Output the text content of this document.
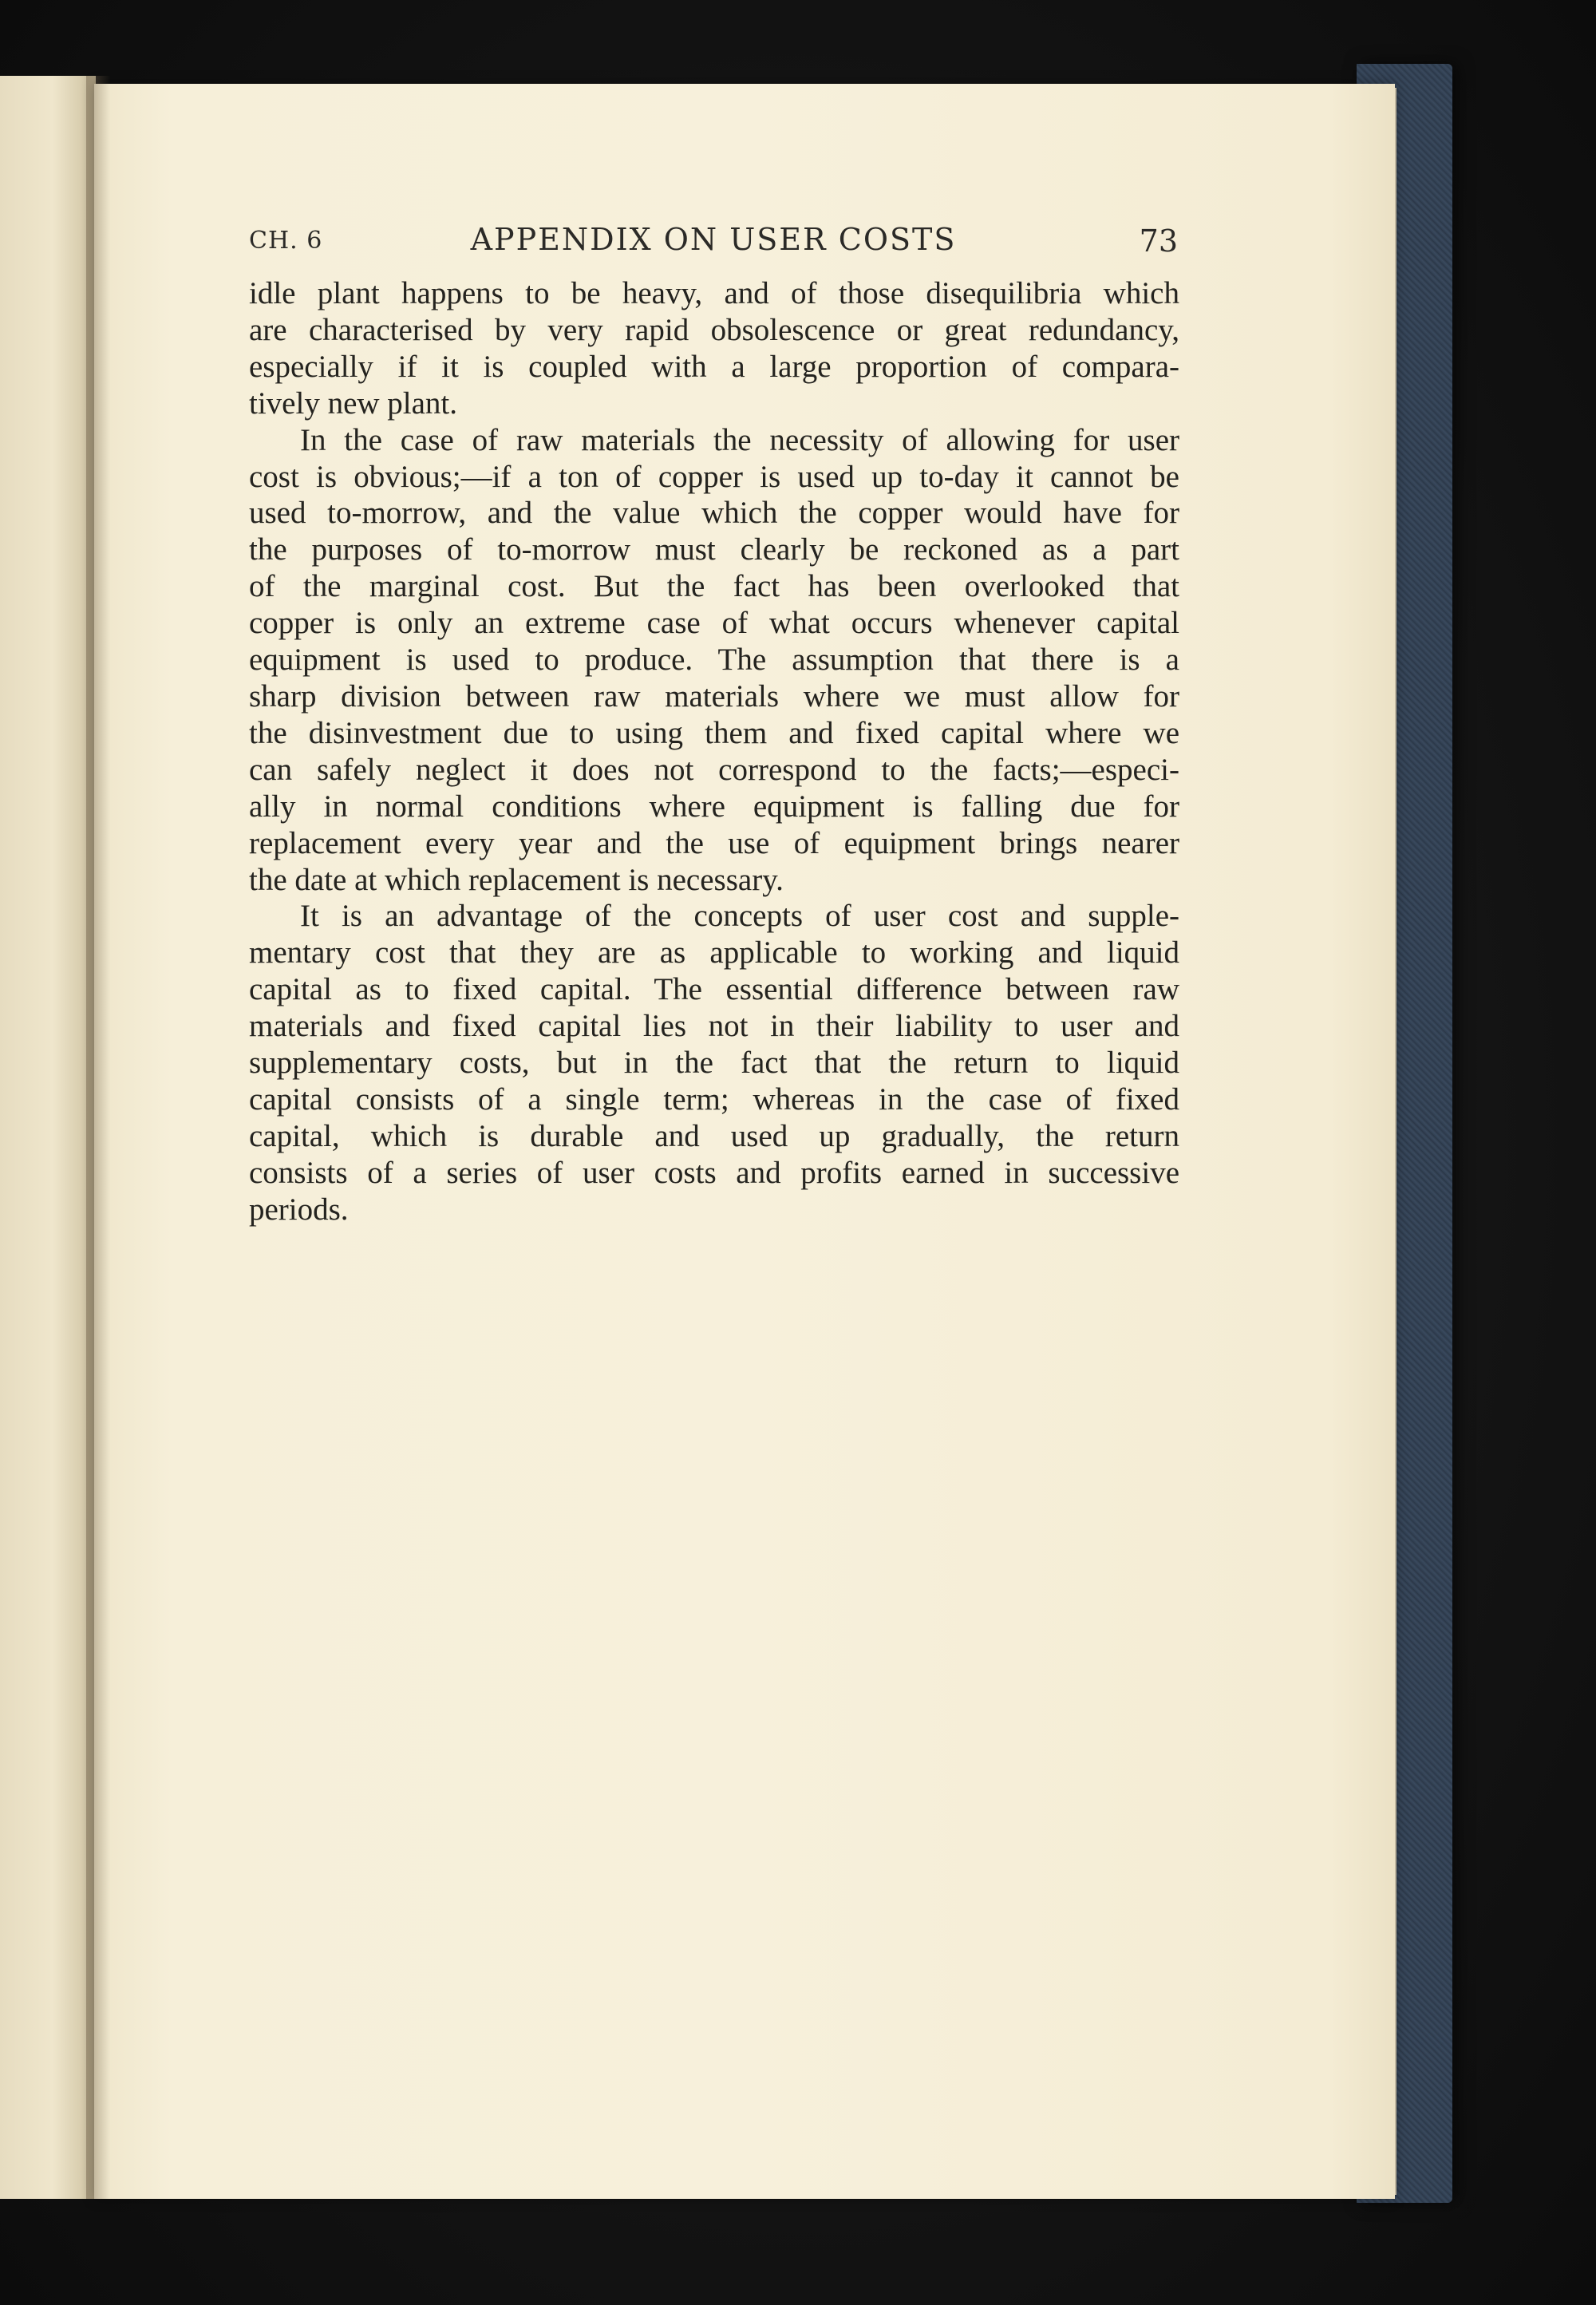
CH. 6	APPENDIX ON USER COSTS	73
idle plant happens to be heavy, and of those disequilibria which
are characterised by very rapid obsolescence or great redundancy,
especially if it is coupled with a large proportion of compara-
tively new plant.
In the case of raw materials the necessity of allowing for user
cost is obvious;—if a ton of copper is used up to-day it cannot be
used to-morrow, and the value which the copper would have for
the purposes of to-morrow must clearly be reckoned as a part
of the marginal cost. But the fact has been overlooked that
copper is only an extreme case of what occurs whenever capital
equipment is used to produce. The assumption that there is a
sharp division between raw materials where we must allow for
the disinvestment due to using them and fixed capital where we
can safely neglect it does not correspond to the facts;—especi-
ally in normal conditions where equipment is falling due for
replacement every year and the use of equipment brings nearer
the date at which replacement is necessary.
It is an advantage of the concepts of user cost and supple-
mentary cost that they are as applicable to working and liquid
capital as to fixed capital. The essential difference between raw
materials and fixed capital lies not in their liability to user and
supplementary costs, but in the fact that the return to liquid
capital consists of a single term; whereas in the case of fixed
capital, which is durable and used up gradually, the return
consists of a series of user costs and profits earned in successive
periods.
